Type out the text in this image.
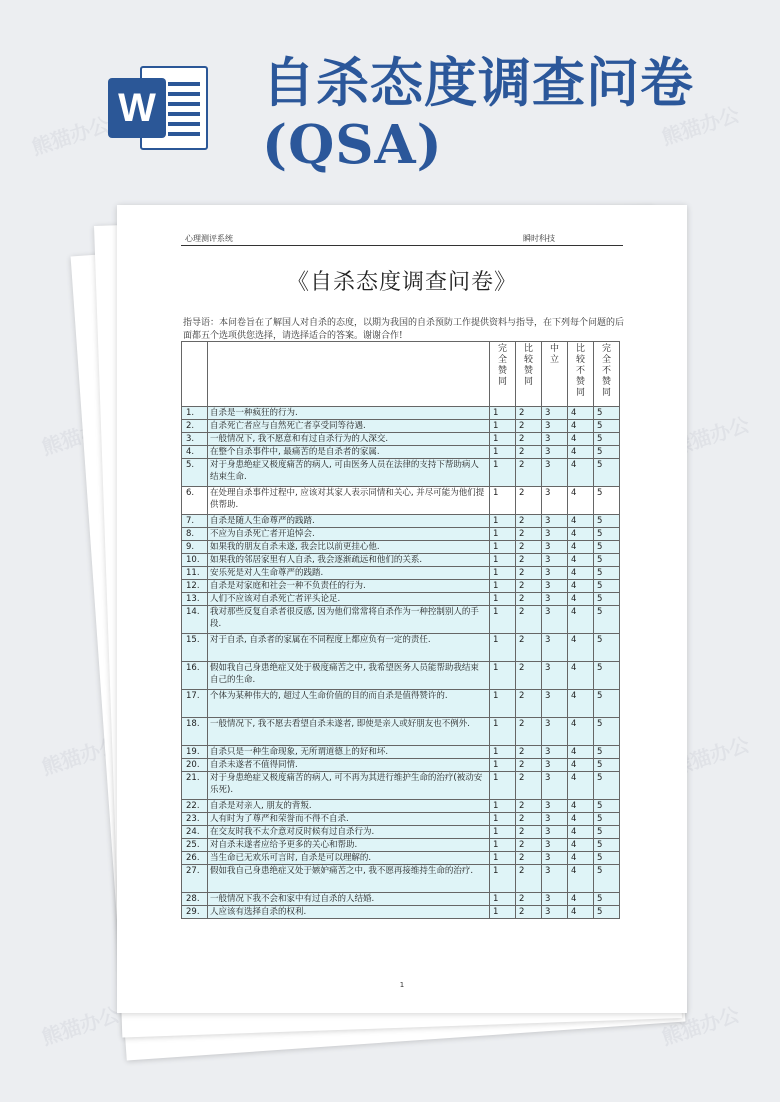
熊猫办公	熊猫办公
熊猫办公	熊猫办公
熊猫办公	熊猫办公
熊猫办公	熊猫办公
W 自杀态度调查问卷
(QSA)
心理测评系统	瞬时科技
《自杀态度调查问卷》
指导语：本问卷旨在了解国人对自杀的态度，以期为我国的自杀预防工作提供资料与指导，在下列每个问题的后面都五个选项供您选择，请选择适合的答案。谢谢合作!

		完全赞同	比较赞同	中立	比较不赞同	完全不赞同

1.	自杀是一种疯狂的行为.	1	2	3	4	5
2.	自杀死亡者应与自然死亡者享受同等待遇.	1	2	3	4	5
3.	一般情况下, 我不愿意和有过自杀行为的人深交.	1	2	3	4	5
4.	在整个自杀事件中, 最痛苦的是自杀者的家属.	1	2	3	4	5
5.	对于身患绝症又极度痛苦的病人, 可由医务人员在法律的支持下帮助病人结束生命.	1	2	3	4	5
6.	在处理自杀事件过程中, 应该对其家人表示同情和关心, 并尽可能为他们提供帮助.	1	2	3	4	5
7.	自杀是随人生命尊严的践踏.	1	2	3	4	5
8.	不应为自杀死亡者开追悼会.	1	2	3	4	5
9.	如果我的朋友自杀未遂, 我会比以前更挂心他.	1	2	3	4	5
10.	如果我的邻居家里有人自杀, 我会逐渐疏远和他们的关系.	1	2	3	4	5
11.	安乐死是对人生命尊严的践踏.	1	2	3	4	5
12.	自杀是对家庭和社会一种不负责任的行为.	1	2	3	4	5
13.	人们不应该对自杀死亡者评头论足.	1	2	3	4	5
14.	我对那些反复自杀者很反感, 因为他们常常将自杀作为一种控制别人的手段.	1	2	3	4	5
15.	对于自杀, 自杀者的家属在不同程度上都应负有一定的责任.	1	2	3	4	5
16.	假如我自己身患绝症又处于极度痛苦之中, 我希望医务人员能帮助我结束自己的生命.	1	2	3	4	5
17.	个体为某种伟大的, 超过人生命价值的目的而自杀是值得赞许的.	1	2	3	4	5
18.	一般情况下, 我不愿去看望自杀未遂者, 即使是亲人或好朋友也不例外.	1	2	3	4	5
19.	自杀只是一种生命现象, 无所谓道德上的好和坏.	1	2	3	4	5
20.	自杀未遂者不值得同情.	1	2	3	4	5
21.	对于身患绝症又极度痛苦的病人, 可不再为其进行维护生命的治疗(被动安乐死).	1	2	3	4	5
22.	自杀是对亲人, 朋友的背叛.	1	2	3	4	5
23.	人有时为了尊严和荣誉而不得不自杀.	1	2	3	4	5
24.	在交友时我不太介意对反时候有过自杀行为.	1	2	3	4	5
25.	对自杀未遂者应给予更多的关心和帮助.	1	2	3	4	5
26.	当生命已无欢乐可言时, 自杀是可以理解的.	1	2	3	4	5
27.	假如我自己身患绝症又处于嫉妒痛苦之中, 我不愿再接维持生命的治疗.	1	2	3	4	5
28.	一般情况下我不会和家中有过自杀的人结婚.	1	2	3	4	5
29.	人应该有选择自杀的权利.	1	2	3	4	5
1
